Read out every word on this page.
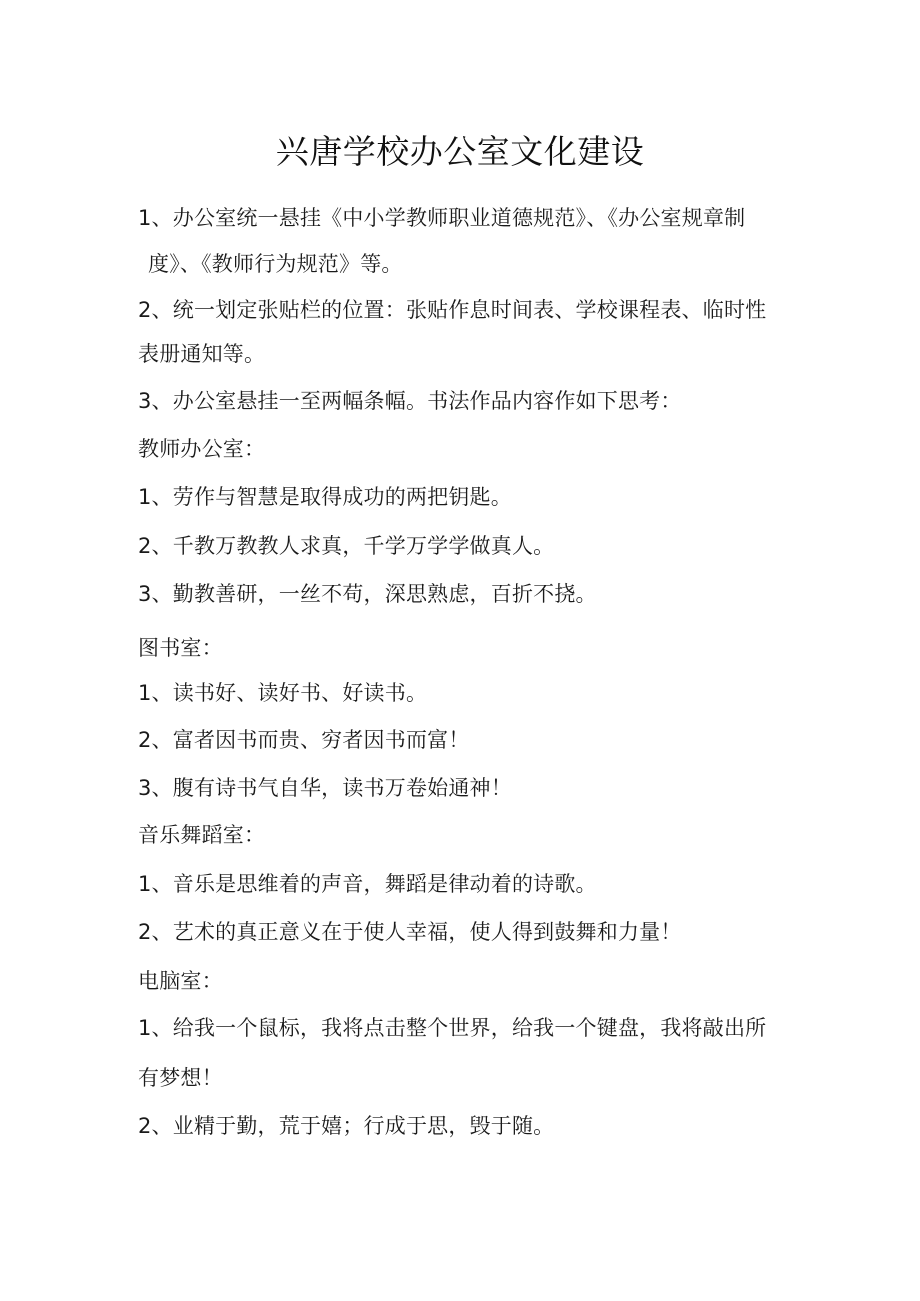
兴唐学校办公室文化建设
1、办公室统一悬挂《中小学教师职业道德规范》、《办公室规章制
度》、《教师行为规范》等。
2、统一划定张贴栏的位置：张贴作息时间表、学校课程表、临时性
表册通知等。
3、办公室悬挂一至两幅条幅。书法作品内容作如下思考：
教师办公室：
1、劳作与智慧是取得成功的两把钥匙。
2、千教万教教人求真，千学万学学做真人。
3、勤教善研，一丝不苟，深思熟虑，百折不挠。
图书室：
1、读书好、读好书、好读书。
2、富者因书而贵、穷者因书而富！
3、腹有诗书气自华，读书万卷始通神！
音乐舞蹈室：
1、音乐是思维着的声音，舞蹈是律动着的诗歌。
2、艺术的真正意义在于使人幸福，使人得到鼓舞和力量！
电脑室：
1、给我一个鼠标，我将点击整个世界，给我一个键盘，我将敲出所
有梦想！
2、业精于勤，荒于嬉；行成于思，毁于随。
